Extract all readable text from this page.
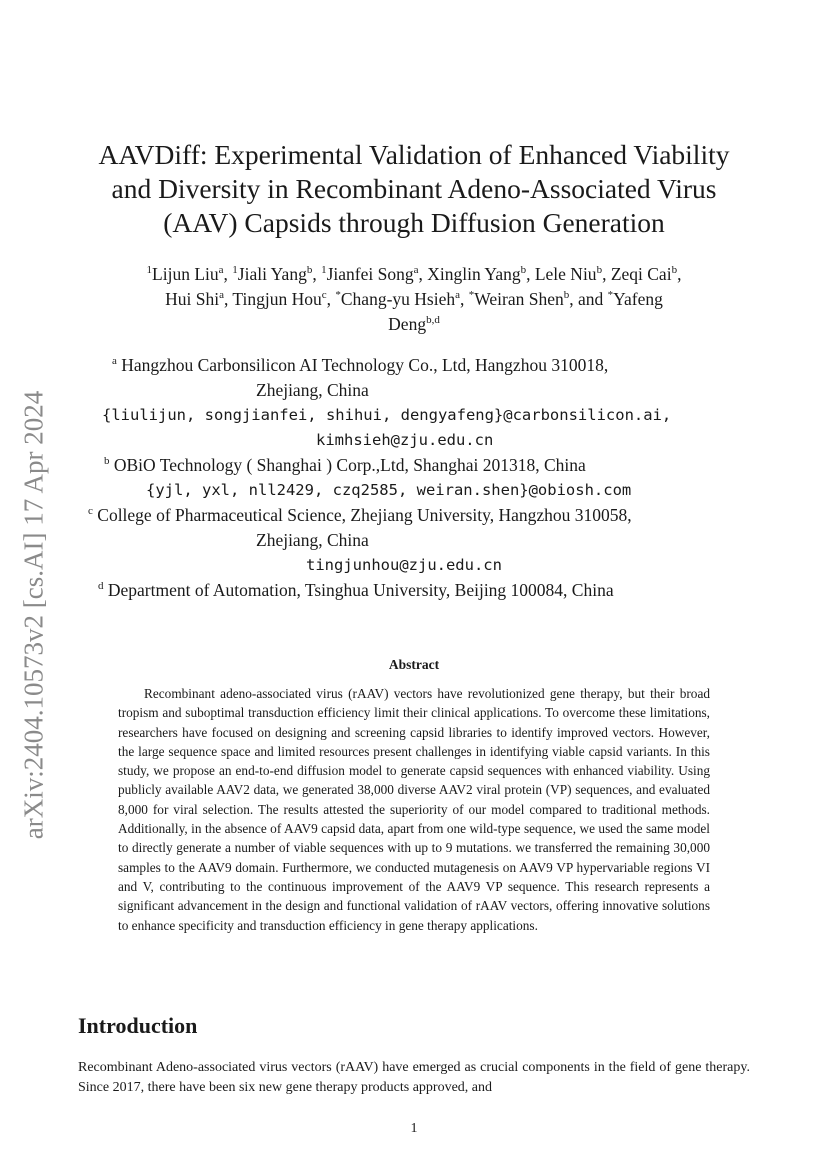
arXiv:2404.10573v2 [cs.AI] 17 Apr 2024
AAVDiff: Experimental Validation of Enhanced Viability
and Diversity in Recombinant Adeno-Associated Virus
(AAV) Capsids through Diffusion Generation
$^1$Lijun Liu$^a$, $^1$Jiali Yang$^b$, $^1$Jianfei Song$^a$, Xinglin Yang$^b$, Lele Niu$^b$, Zeqi Cai$^b$,
Hui Shi$^a$, Tingjun Hou$^c$, *Chang-yu Hsieh$^a$, *Weiran Shen$^b$, and *Yafeng
Deng$^{b,d}$
$^a$ Hangzhou Carbonsilicon AI Technology Co., Ltd, Hangzhou 310018,
Zhejiang, China
{liulijun, songjianfei, shihui, dengyafeng}@carbonsilicon.ai,
kimhsieh@zju.edu.cn
$^b$ OBiO Technology ( Shanghai ) Corp.,Ltd, Shanghai 201318, China
{yjl, yxl, nll2429, czq2585, weiran.shen}@obiosh.com
$^c$ College of Pharmaceutical Science, Zhejiang University, Hangzhou 310058,
Zhejiang, China
tingjunhou@zju.edu.cn
$^d$ Department of Automation, Tsinghua University, Beijing 100084, China
Abstract

Recombinant adeno-associated virus (rAAV) vectors have revolutionized gene therapy, but their broad tropism and suboptimal transduction efficiency limit their clinical applications. To overcome these limitations, researchers have focused on designing and screening capsid libraries to identify improved vectors. However, the large sequence space and limited resources present challenges in identifying viable capsid variants. In this study, we propose an end-to-end diffusion model to generate capsid sequences with enhanced viability. Using publicly available AAV2 data, we generated 38,000 diverse AAV2 viral protein (VP) sequences, and evaluated 8,000 for viral selection. The results attested the superiority of our model compared to traditional methods. Additionally, in the absence of AAV9 capsid data, apart from one wild-type sequence, we used the same model to directly generate a number of viable sequences with up to 9 mutations. we transferred the remaining 30,000 samples to the AAV9 domain. Furthermore, we conducted mutagenesis on AAV9 VP hypervariable regions VI and V, contributing to the continuous improvement of the AAV9 VP sequence. This research represents a significant advancement in the design and functional validation of rAAV vectors, offering innovative solutions to enhance specificity and transduction efficiency in gene therapy applications.

Introduction
Recombinant Adeno-associated virus vectors (rAAV) have emerged as crucial components in the field of gene therapy. Since 2017, there have been six new gene therapy products approved, and
1
